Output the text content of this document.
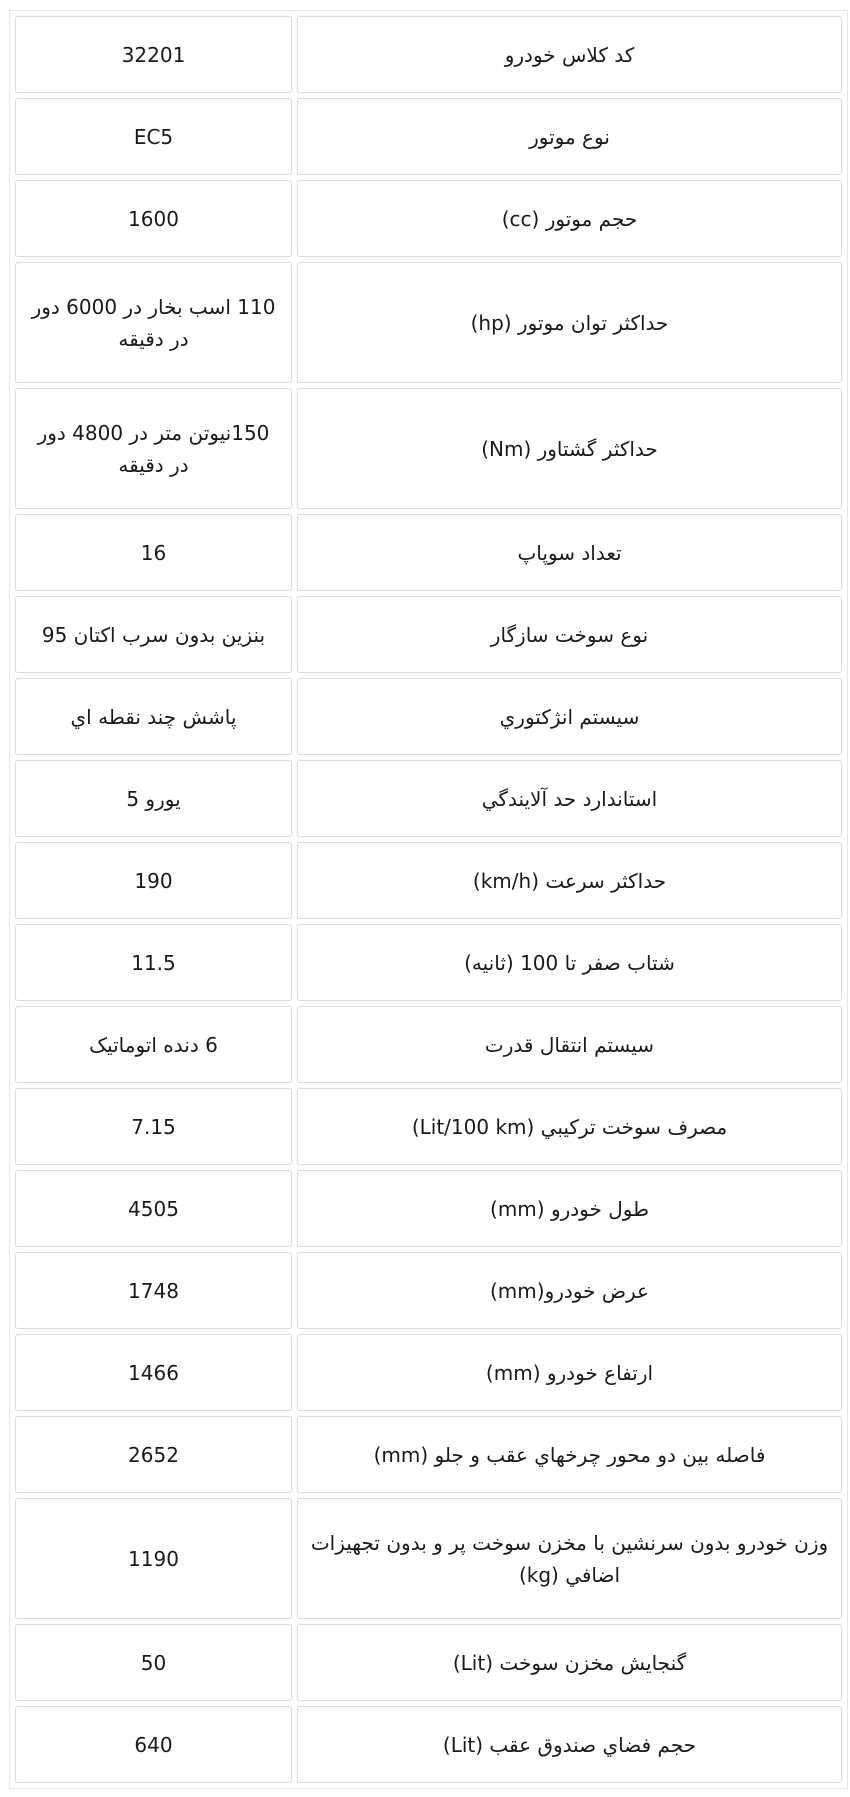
کد کلاس خودرو	32201
نوع موتور	EC5
حجم موتور (cc)	1600
حداکثر توان موتور (hp)	110 اسب بخار در 6000 دور در دقیقه
حداکثر گشتاور (Nm)	150نیوتن متر در 4800 دور در دقیقه
تعداد سوپاپ	16
نوع سوخت سازگار	بنزین بدون سرب اکتان 95
سيستم انژکتوري	پاشش چند نقطه اي
استاندارد حد آلايندگي	یورو 5
حداکثر سرعت (km/h)	190
شتاب صفر تا 100 (ثانیه)	11.5
سیستم انتقال قدرت	6 دنده اتوماتیک
مصرف سوخت ترکيبي (Lit/100 km)	7.15
طول خودرو (mm)	4505
عرض خودرو(mm)	1748
ارتفاع خودرو (mm)	1466
فاصله بين دو محور چرخهاي عقب و جلو (mm)	2652
وزن خودرو بدون سرنشين با مخزن سوخت پر و بدون تجهيزات اضافي (kg)	1190
گنجايش مخزن سوخت (Lit)	50
حجم فضاي صندوق عقب (Lit)	640
